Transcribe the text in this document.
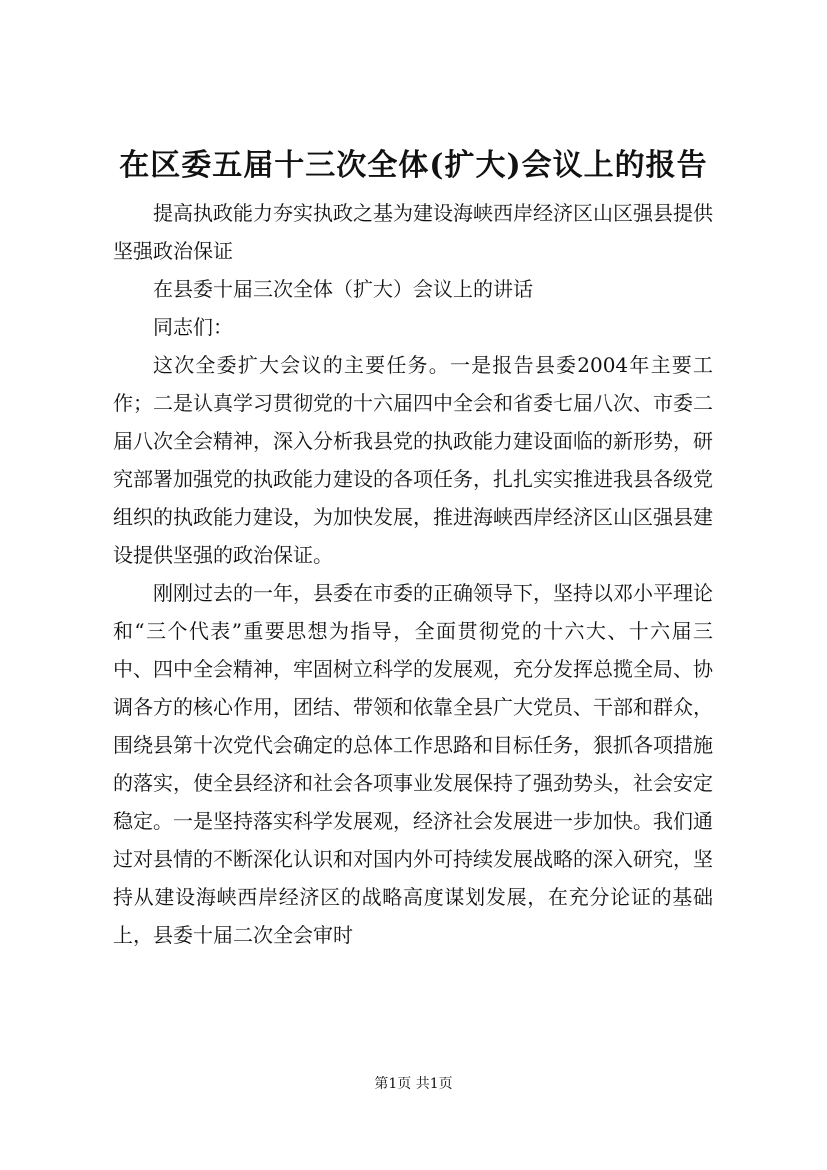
在区委五届十三次全体(扩大)会议上的报告

提高执政能力夯实执政之基为建设海峡西岸经济区山区强县提供坚强政治保证

在县委十届三次全体（扩大）会议上的讲话

同志们：

这次全委扩大会议的主要任务。一是报告县委2004年主要工作；二是认真学习贯彻党的十六届四中全会和省委七届八次、市委二届八次全会精神，深入分析我县党的执政能力建设面临的新形势，研究部署加强党的执政能力建设的各项任务，扎扎实实推进我县各级党组织的执政能力建设，为加快发展，推进海峡西岸经济区山区强县建设提供坚强的政治保证。

刚刚过去的一年，县委在市委的正确领导下，坚持以邓小平理论和“三个代表”重要思想为指导，全面贯彻党的十六大、十六届三中、四中全会精神，牢固树立科学的发展观，充分发挥总揽全局、协调各方的核心作用，团结、带领和依靠全县广大党员、干部和群众，围绕县第十次党代会确定的总体工作思路和目标任务，狠抓各项措施的落实，使全县经济和社会各项事业发展保持了强劲势头，社会安定稳定。一是坚持落实科学发展观，经济社会发展进一步加快。我们通过对县情的不断深化认识和对国内外可持续发展战略的深入研究，坚持从建设海峡西岸经济区的战略高度谋划发展，在充分论证的基础上，县委十届二次全会审时

第1页 共1页
